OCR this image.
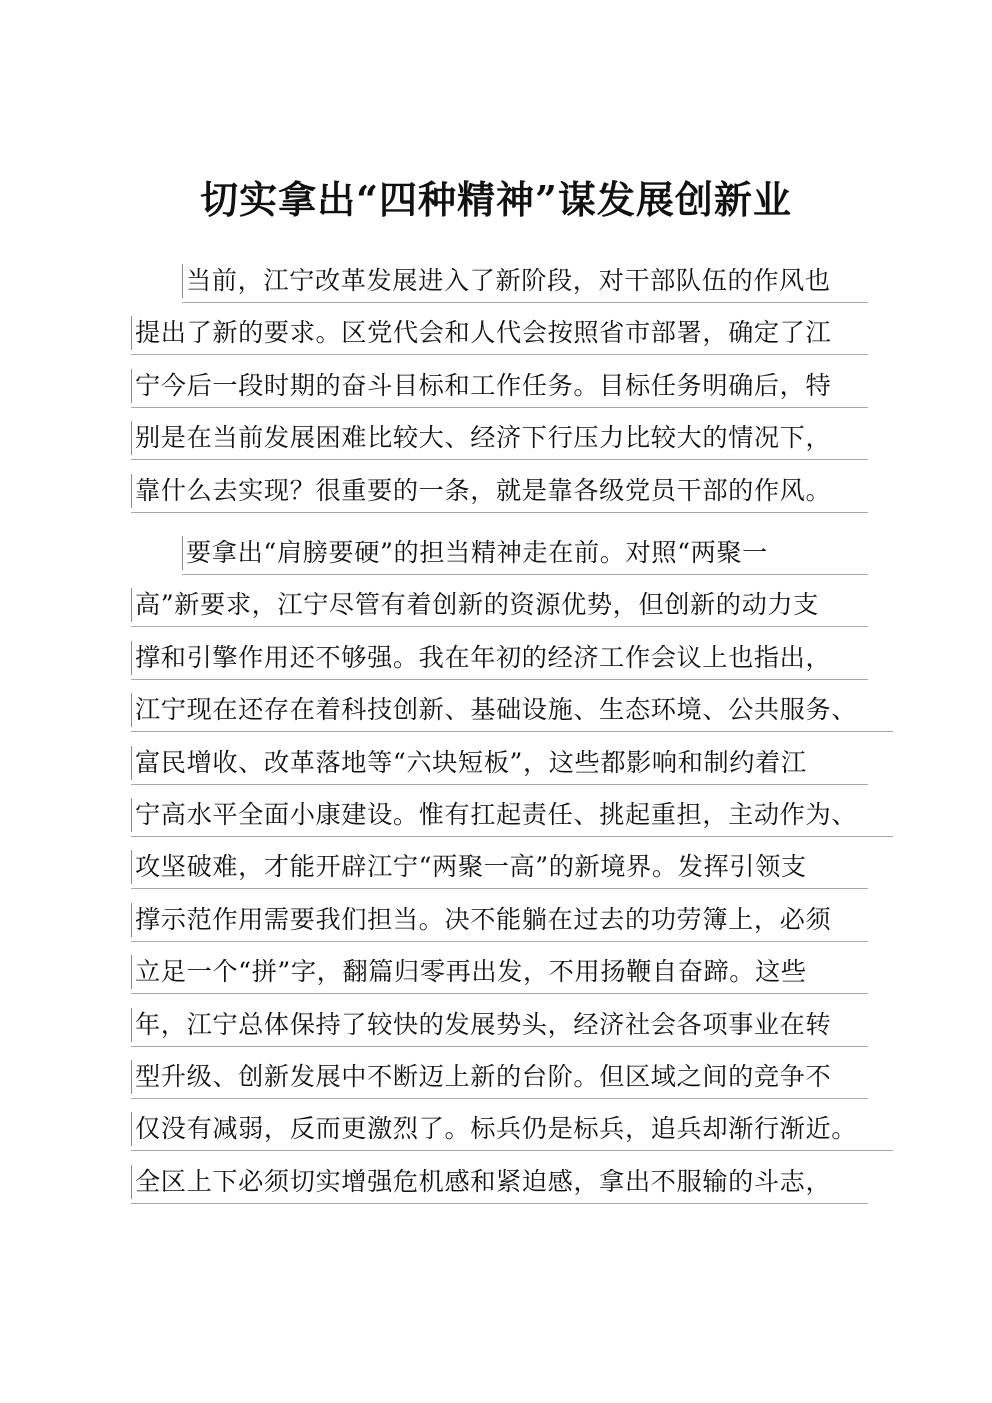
切实拿出“四种精神”谋发展创新业
当前，江宁改革发展进入了新阶段，对干部队伍的作风也
提出了新的要求。区党代会和人代会按照省市部署，确定了江
宁今后一段时期的奋斗目标和工作任务。目标任务明确后，特
别是在当前发展困难比较大、经济下行压力比较大的情况下，
靠什么去实现？很重要的一条，就是靠各级党员干部的作风。
要拿出“肩膀要硬”的担当精神走在前。对照“两聚一
高”新要求，江宁尽管有着创新的资源优势，但创新的动力支
撑和引擎作用还不够强。我在年初的经济工作会议上也指出，
江宁现在还存在着科技创新、基础设施、生态环境、公共服务、
富民增收、改革落地等“六块短板”，这些都影响和制约着江
宁高水平全面小康建设。惟有扛起责任、挑起重担，主动作为、
攻坚破难，才能开辟江宁“两聚一高”的新境界。发挥引领支
撑示范作用需要我们担当。决不能躺在过去的功劳簿上，必须
立足一个“拼”字，翻篇归零再出发，不用扬鞭自奋蹄。这些
年，江宁总体保持了较快的发展势头，经济社会各项事业在转
型升级、创新发展中不断迈上新的台阶。但区域之间的竞争不
仅没有减弱，反而更激烈了。标兵仍是标兵，追兵却渐行渐近。
全区上下必须切实增强危机感和紧迫感，拿出不服输的斗志，
